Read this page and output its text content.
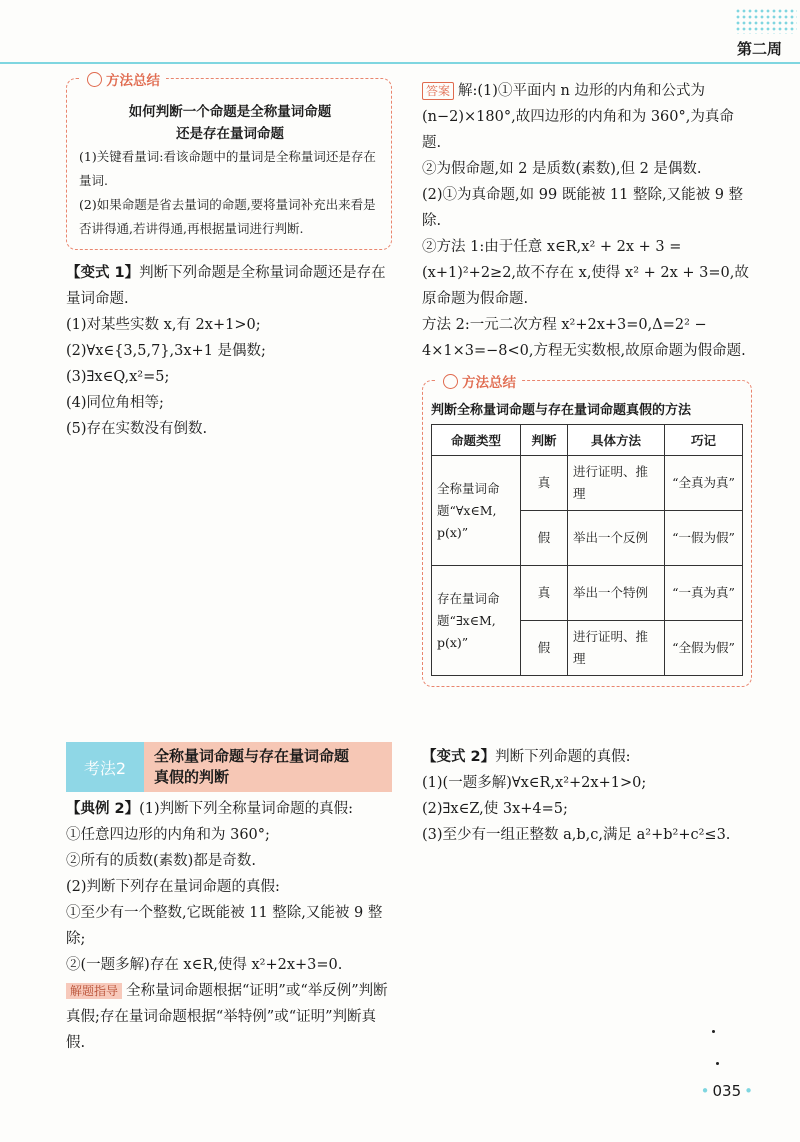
第二周
方法总结
如何判断一个命题是全称量词命题
还是存在量词命题

(1)关键看量词:看该命题中的量词是全称量词还是存在量词.

(2)如果命题是省去量词的命题,要将量词补充出来看是否讲得通,若讲得通,再根据量词进行判断.

【变式 1】判断下列命题是全称量词命题还是存在量词命题.

(1)对某些实数 x,有 2x+1>0;

(2)∀x∈{3,5,7},3x+1 是偶数;

(3)∃x∈Q,x²=5;

(4)同位角相等;

(5)存在实数没有倒数.

考法2
全称量词命题与存在量词命题
真假的判断

【典例 2】(1)判断下列全称量词命题的真假:

①任意四边形的内角和为 360°;

②所有的质数(素数)都是奇数.

(2)判断下列存在量词命题的真假:

①至少有一个整数,它既能被 11 整除,又能被 9 整除;

②(一题多解)存在 x∈R,使得 x²+2x+3=0.

解题指导 全称量词命题根据“证明”或“举反例”判断真假;存在量词命题根据“举特例”或“证明”判断真假.

答案 解:(1)①平面内 n 边形的内角和公式为 (n−2)×180°,故四边形的内角和为 360°,为真命题.

②为假命题,如 2 是质数(素数),但 2 是偶数.

(2)①为真命题,如 99 既能被 11 整除,又能被 9 整除.

②方法 1:由于任意 x∈R,x² + 2x + 3 = (x+1)²+2≥2,故不存在 x,使得 x² + 2x + 3=0,故原命题为假命题.

方法 2:一元二次方程 x²+2x+3=0,Δ=2² − 4×1×3=−8<0,方程无实数根,故原命题为假命题.

方法总结
判断全称量词命题与存在量词命题真假的方法
命题类型	判断	具体方法	巧记
全称量词命题“∀x∈M, p(x)”	真	进行证明、推理	“全真为真”
	假	举出一个反例	“一假为假”
存在量词命题“∃x∈M, p(x)”	真	举出一个特例	“一真为真”
	假	进行证明、推理	“全假为假”

【变式 2】判断下列命题的真假:

(1)(一题多解)∀x∈R,x²+2x+1>0;

(2)∃x∈Z,使 3x+4=5;

(3)至少有一组正整数 a,b,c,满足 a²+b²+c²≤3.

• 035 •
